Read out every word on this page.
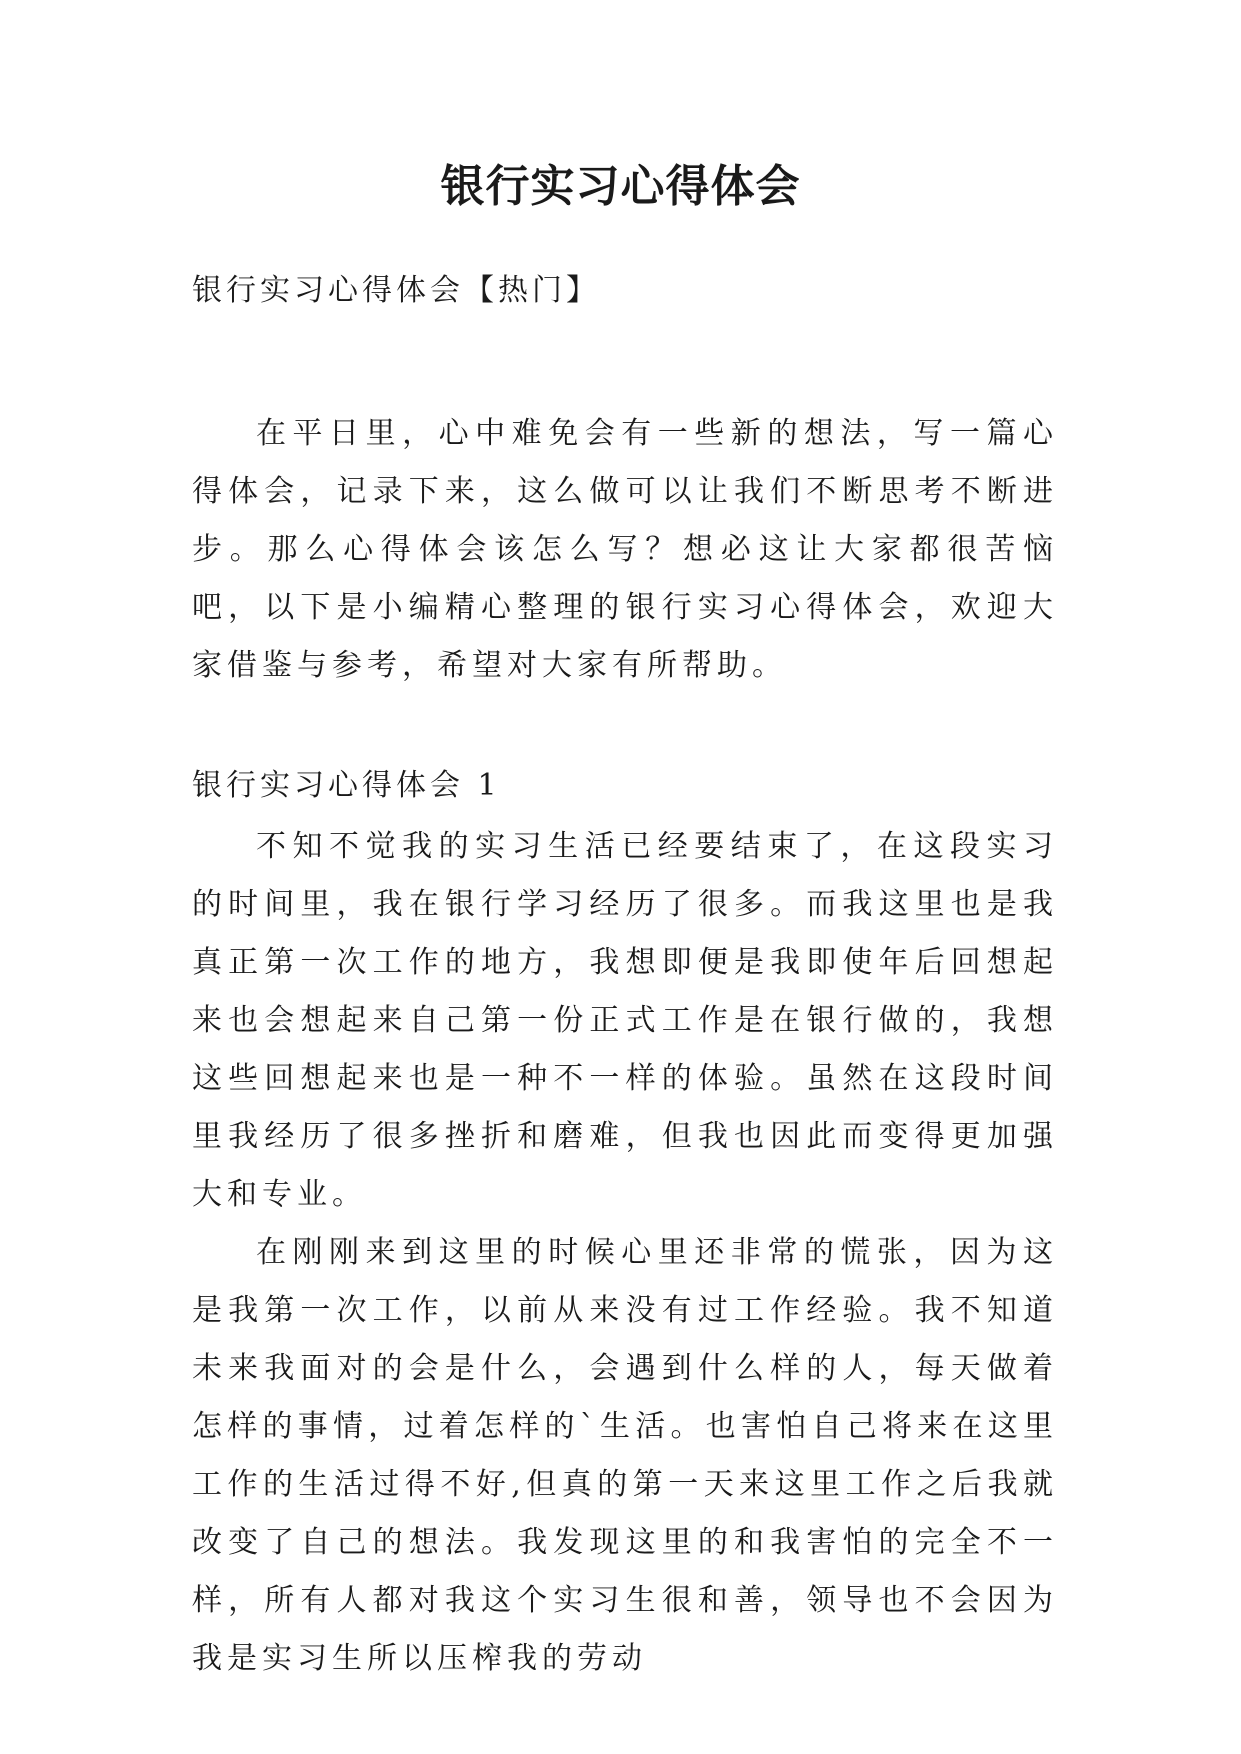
银行实习心得体会

银行实习心得体会【热门】

在平日里，心中难免会有一些新的想法，写一篇心得体会，记录下来，这么做可以让我们不断思考不断进步。那么心得体会该怎么写？想必这让大家都很苦恼吧，以下是小编精心整理的银行实习心得体会，欢迎大家借鉴与参考，希望对大家有所帮助。

银行实习心得体会 1

不知不觉我的实习生活已经要结束了，在这段实习的时间里，我在银行学习经历了很多。而我这里也是我真正第一次工作的地方，我想即便是我即使年后回想起来也会想起来自己第一份正式工作是在银行做的，我想这些回想起来也是一种不一样的体验。虽然在这段时间里我经历了很多挫折和磨难，但我也因此而变得更加强大和专业。

在刚刚来到这里的时候心里还非常的慌张，因为这是我第一次工作，以前从来没有过工作经验。我不知道未来我面对的会是什么，会遇到什么样的人，每天做着怎样的事情，过着怎样的`生活。也害怕自己将来在这里工作的生活过得不好,但真的第一天来这里工作之后我就改变了自己的想法。我发现这里的和我害怕的完全不一样，所有人都对我这个实习生很和善，领导也不会因为我是实习生所以压榨我的劳动
